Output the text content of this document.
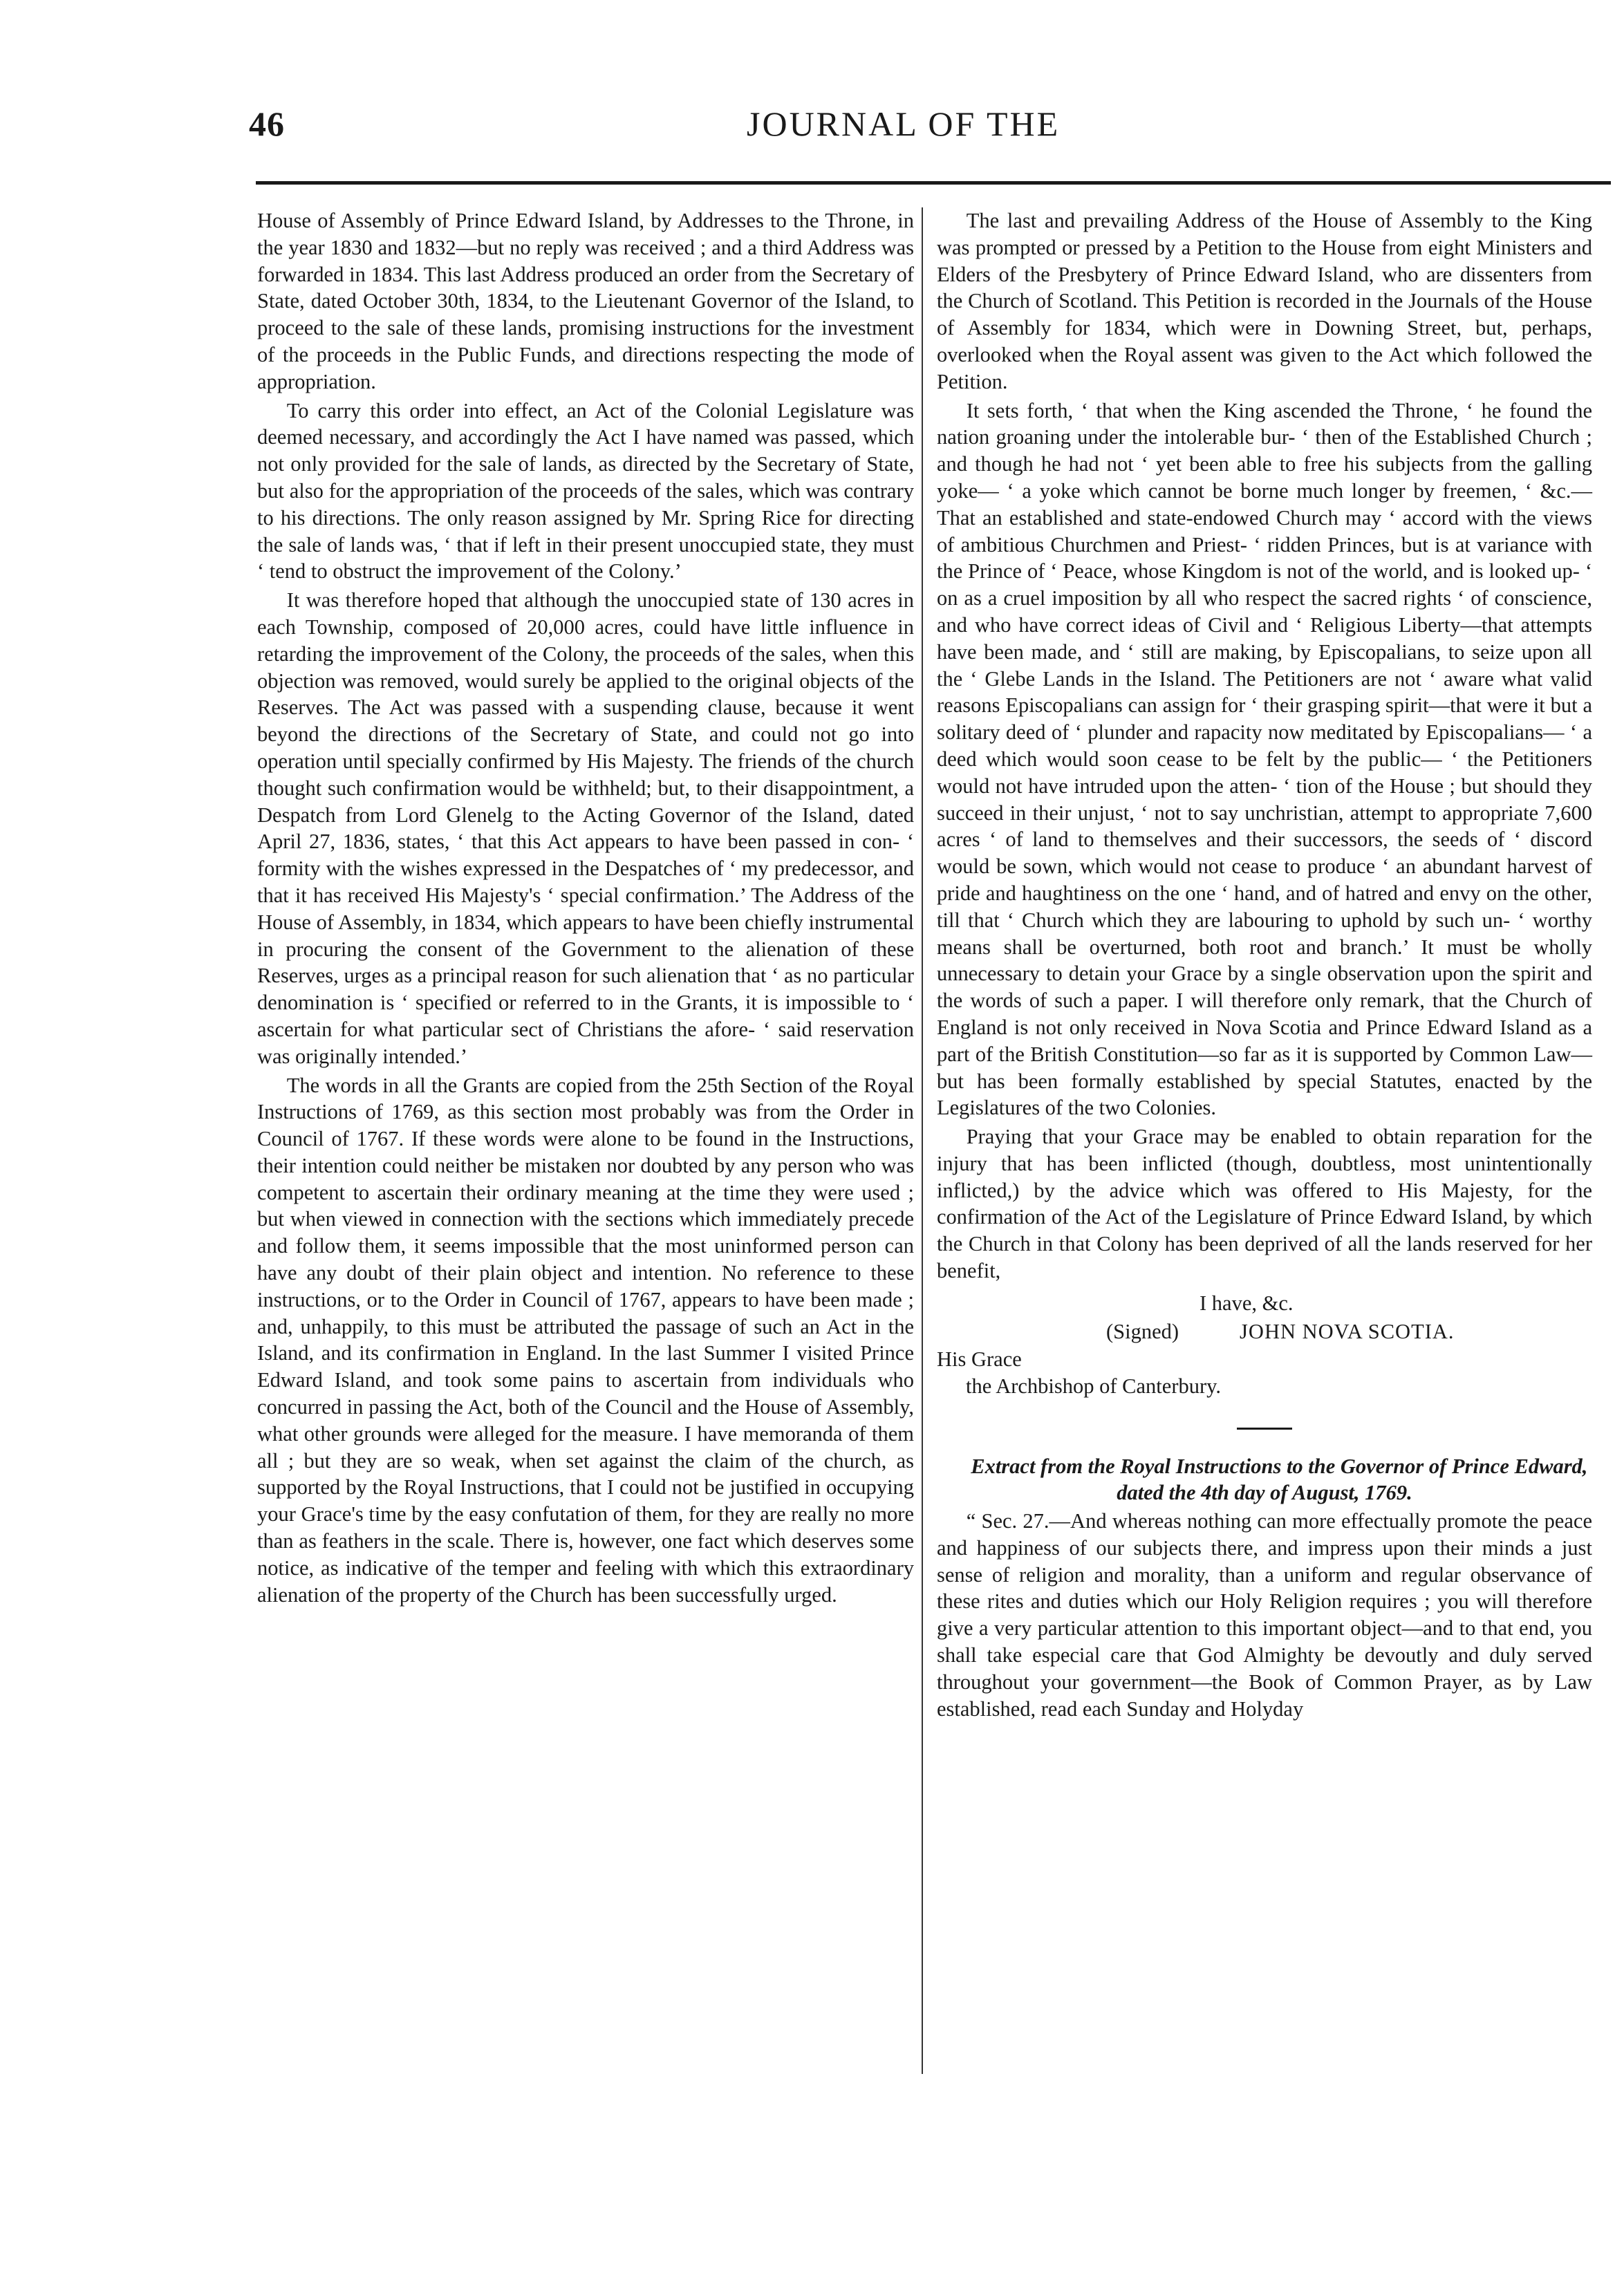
46	JOURNAL OF THE

House of Assembly of Prince Edward Island, by Addresses to the Throne, in the year 1830 and 1832—but no reply was received ; and a third Address was forwarded in 1834. This last Address produced an order from the Secretary of State, dated October 30th, 1834, to the Lieutenant Governor of the Island, to proceed to the sale of these lands, promising instructions for the investment of the proceeds in the Public Funds, and directions respecting the mode of appropriation.

To carry this order into effect, an Act of the Colonial Legislature was deemed necessary, and accordingly the Act I have named was passed, which not only provided for the sale of lands, as directed by the Secretary of State, but also for the appropriation of the proceeds of the sales, which was contrary to his directions. The only reason assigned by Mr. Spring Rice for directing the sale of lands was, ‘ that if left in their present unoccupied state, they must ‘ tend to obstruct the improvement of the Colony.’

It was therefore hoped that although the unoccupied state of 130 acres in each Township, composed of 20,000 acres, could have little influence in retarding the improvement of the Colony, the proceeds of the sales, when this objection was removed, would surely be applied to the original objects of the Reserves. The Act was passed with a suspending clause, because it went beyond the directions of the Secretary of State, and could not go into operation until specially confirmed by His Majesty. The friends of the church thought such confirmation would be withheld; but, to their disappointment, a Despatch from Lord Glenelg to the Acting Governor of the Island, dated April 27, 1836, states, ‘ that this Act appears to have been passed in con- ‘ formity with the wishes expressed in the Despatches of ‘ my predecessor, and that it has received His Majesty's ‘ special confirmation.’ The Address of the House of Assembly, in 1834, which appears to have been chiefly instrumental in procuring the consent of the Government to the alienation of these Reserves, urges as a principal reason for such alienation that ‘ as no particular denomination is ‘ specified or referred to in the Grants, it is impossible to ‘ ascertain for what particular sect of Christians the afore- ‘ said reservation was originally intended.’

The words in all the Grants are copied from the 25th Section of the Royal Instructions of 1769, as this section most probably was from the Order in Council of 1767. If these words were alone to be found in the Instructions, their intention could neither be mistaken nor doubted by any person who was competent to ascertain their ordinary meaning at the time they were used ; but when viewed in connection with the sections which immediately precede and follow them, it seems impossible that the most uninformed person can have any doubt of their plain object and intention. No reference to these instructions, or to the Order in Council of 1767, appears to have been made ; and, unhappily, to this must be attributed the passage of such an Act in the Island, and its confirmation in England. In the last Summer I visited Prince Edward Island, and took some pains to ascertain from individuals who concurred in passing the Act, both of the Council and the House of Assembly, what other grounds were alleged for the measure. I have memoranda of them all ; but they are so weak, when set against the claim of the church, as supported by the Royal Instructions, that I could not be justified in occupying your Grace's time by the easy confutation of them, for they are really no more than as feathers in the scale. There is, however, one fact which deserves some notice, as indicative of the temper and feeling with which this extraordinary alienation of the property of the Church has been successfully urged.

The last and prevailing Address of the House of Assembly to the King was prompted or pressed by a Petition to the House from eight Ministers and Elders of the Presbytery of Prince Edward Island, who are dissenters from the Church of Scotland. This Petition is recorded in the Journals of the House of Assembly for 1834, which were in Downing Street, but, perhaps, overlooked when the Royal assent was given to the Act which followed the Petition.

It sets forth, ‘ that when the King ascended the Throne, ‘ he found the nation groaning under the intolerable bur- ‘ then of the Established Church ; and though he had not ‘ yet been able to free his subjects from the galling yoke— ‘ a yoke which cannot be borne much longer by freemen, ‘ &c.—That an established and state-endowed Church may ‘ accord with the views of ambitious Churchmen and Priest- ‘ ridden Princes, but is at variance with the Prince of ‘ Peace, whose Kingdom is not of the world, and is looked up- ‘ on as a cruel imposition by all who respect the sacred rights ‘ of conscience, and who have correct ideas of Civil and ‘ Religious Liberty—that attempts have been made, and ‘ still are making, by Episcopalians, to seize upon all the ‘ Glebe Lands in the Island. The Petitioners are not ‘ aware what valid reasons Episcopalians can assign for ‘ their grasping spirit—that were it but a solitary deed of ‘ plunder and rapacity now meditated by Episcopalians— ‘ a deed which would soon cease to be felt by the public— ‘ the Petitioners would not have intruded upon the atten- ‘ tion of the House ; but should they succeed in their unjust, ‘ not to say unchristian, attempt to appropriate 7,600 acres ‘ of land to themselves and their successors, the seeds of ‘ discord would be sown, which would not cease to produce ‘ an abundant harvest of pride and haughtiness on the one ‘ hand, and of hatred and envy on the other, till that ‘ Church which they are labouring to uphold by such un- ‘ worthy means shall be overturned, both root and branch.’ It must be wholly unnecessary to detain your Grace by a single observation upon the spirit and the words of such a paper. I will therefore only remark, that the Church of England is not only received in Nova Scotia and Prince Edward Island as a part of the British Constitution—so far as it is supported by Common Law—but has been formally established by special Statutes, enacted by the Legislatures of the two Colonies.

Praying that your Grace may be enabled to obtain reparation for the injury that has been inflicted (though, doubtless, most unintentionally inflicted,) by the advice which was offered to His Majesty, for the confirmation of the Act of the Legislature of Prince Edward Island, by which the Church in that Colony has been deprived of all the lands reserved for her benefit,

I have, &c.
(Signed)	JOHN NOVA SCOTIA.
His Grace
the Archbishop of Canterbury.

Extract from the Royal Instructions to the Governor of Prince Edward, dated the 4th day of August, 1769.

“ Sec. 27.—And whereas nothing can more effectually promote the peace and happiness of our subjects there, and impress upon their minds a just sense of religion and morality, than a uniform and regular observance of these rites and duties which our Holy Religion requires ; you will therefore give a very particular attention to this important object—and to that end, you shall take especial care that God Almighty be devoutly and duly served throughout your government—the Book of Common Prayer, as by Law established, read each Sunday and Holyday
